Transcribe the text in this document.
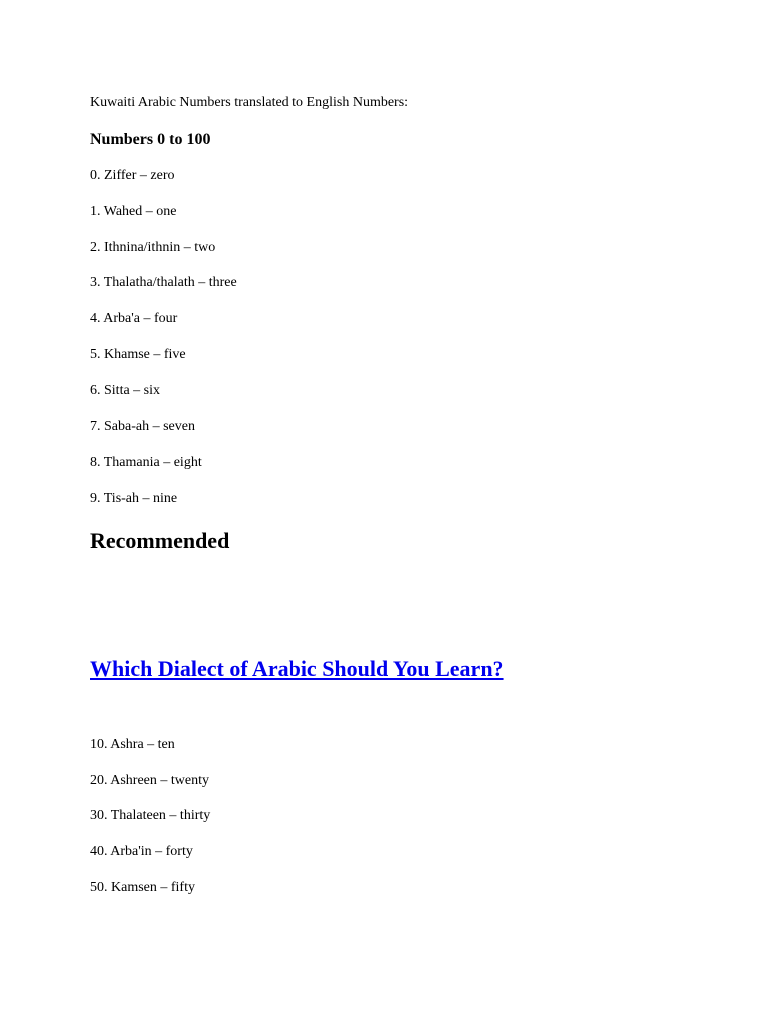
Kuwaiti Arabic Numbers translated to English Numbers:
Numbers 0 to 100
0. Ziffer – zero
1. Wahed – one
2. Ithnina/ithnin – two
3. Thalatha/thalath – three
4. Arba'a – four
5. Khamse – five
6. Sitta – six
7. Saba-ah – seven
8. Thamania – eight
9. Tis-ah – nine
Recommended
Which Dialect of Arabic Should You Learn?
10. Ashra – ten
20. Ashreen – twenty
30. Thalateen – thirty
40. Arba'in – forty
50. Kamsen – fifty
